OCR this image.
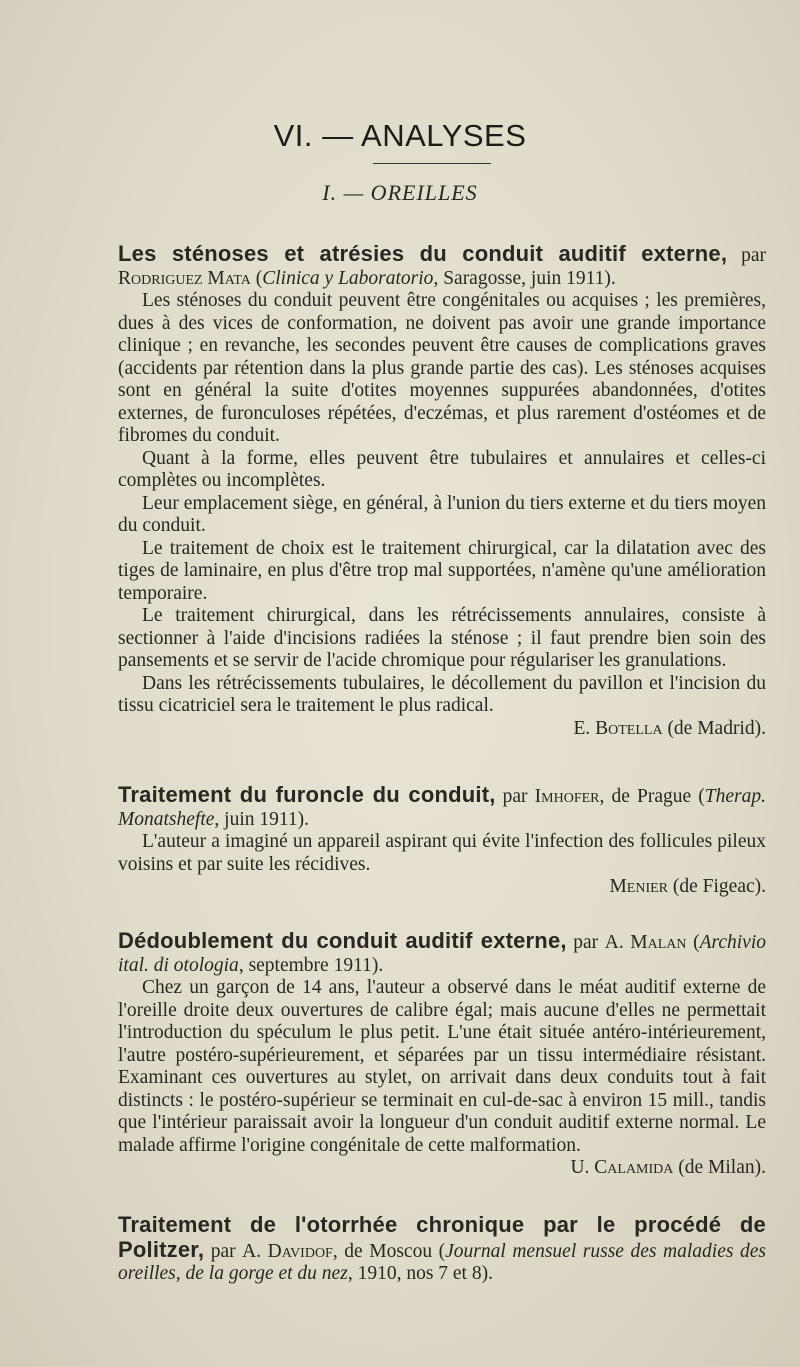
VI. — ANALYSES
I. — OREILLES

Les sténoses et atrésies du conduit auditif externe, par Rodriguez Mata (Clinica y Laboratorio, Saragosse, juin 1911).

Les sténoses du conduit peuvent être congénitales ou acquises ; les premières, dues à des vices de conformation, ne doivent pas avoir une grande importance clinique ; en revanche, les secondes peuvent être causes de complications graves (accidents par rétention dans la plus grande partie des cas). Les sténoses acquises sont en général la suite d'otites moyennes suppurées abandonnées, d'otites externes, de furonculoses répétées, d'eczémas, et plus rarement d'ostéomes et de fibromes du conduit.

Quant à la forme, elles peuvent être tubulaires et annulaires et celles-ci complètes ou incomplètes.

Leur emplacement siège, en général, à l'union du tiers externe et du tiers moyen du conduit.

Le traitement de choix est le traitement chirurgical, car la dilatation avec des tiges de laminaire, en plus d'être trop mal supportées, n'amène qu'une amélioration temporaire.

Le traitement chirurgical, dans les rétrécissements annulaires, consiste à sectionner à l'aide d'incisions radiées la sténose ; il faut prendre bien soin des pansements et se servir de l'acide chromique pour régulariser les granulations.

Dans les rétrécissements tubulaires, le décollement du pavillon et l'incision du tissu cicatriciel sera le traitement le plus radical.

E. Botella (de Madrid).

Traitement du furoncle du conduit, par Imhofer, de Prague (Therap. Monatshefte, juin 1911).

L'auteur a imaginé un appareil aspirant qui évite l'infection des follicules pileux voisins et par suite les récidives.

Menier (de Figeac).

Dédoublement du conduit auditif externe, par A. Malan (Archivio ital. di otologia, septembre 1911).

Chez un garçon de 14 ans, l'auteur a observé dans le méat auditif externe de l'oreille droite deux ouvertures de calibre égal; mais aucune d'elles ne permettait l'introduction du spéculum le plus petit. L'une était située antéro-intérieurement, l'autre postéro-supérieurement, et séparées par un tissu intermédiaire résistant. Examinant ces ouvertures au stylet, on arrivait dans deux conduits tout à fait distincts : le postéro-supérieur se terminait en cul-de-sac à environ 15 mill., tandis que l'intérieur paraissait avoir la longueur d'un conduit auditif externe normal. Le malade affirme l'origine congénitale de cette malformation.

U. Calamida (de Milan).

Traitement de l'otorrhée chronique par le procédé de Politzer, par A. Davidof, de Moscou (Journal mensuel russe des maladies des oreilles, de la gorge et du nez, 1910, nos 7 et 8).
